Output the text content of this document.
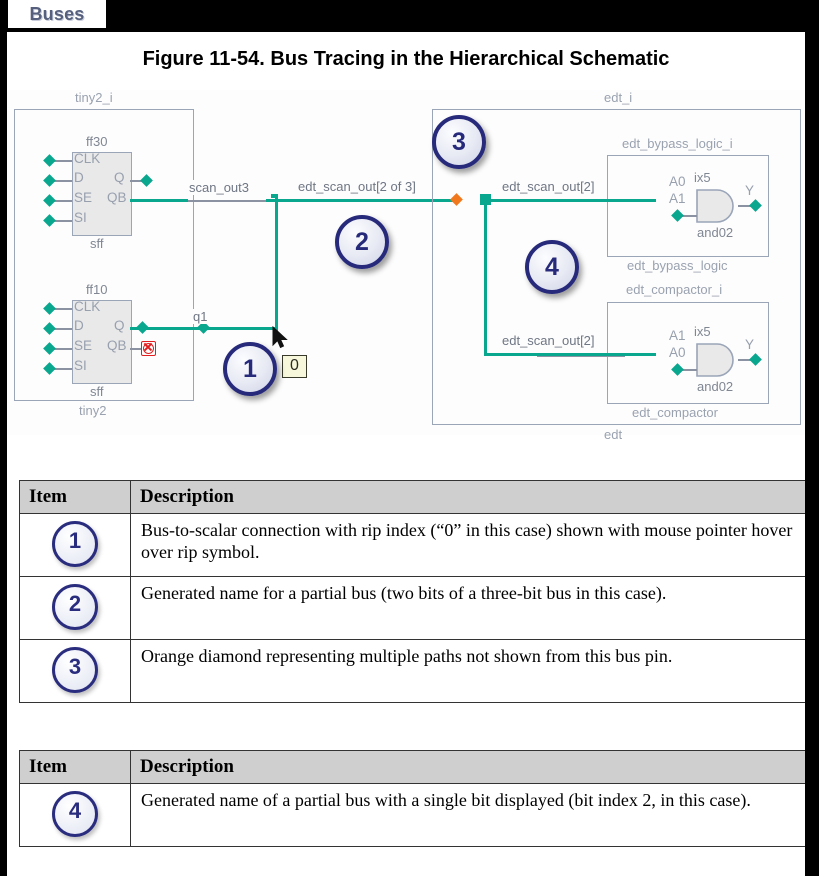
Buses
Figure 11-54. Bus Tracing in the Hierarchical Schematic
tiny2_i
tiny2
ff30
CLK
D
SE
SI
Q
QB
sff
scan_out3
ff10
CLK
D
SE
SI
Q
QB
sff
q1
edt_scan_out[2 of 3]
0
edt_i
edt
edt_bypass_logic_i
edt_bypass_logic
edt_scan_out[2]	A0
A1
ix5
Y
and02
edt_compactor_i
edt_compactor
edt_scan_out[2]	A1
A0
ix5
Y
and02
1
2
3
4
Item	Description
1	Bus-to-scalar connection with rip index (“0” in this case) shown with mouse pointer hover over rip symbol.
2	Generated name for a partial bus (two bits of a three-bit bus in this case).
3	Orange diamond representing multiple paths not shown from this bus pin.
Item	Description
4	Generated name of a partial bus with a single bit displayed (bit index 2, in this case).
